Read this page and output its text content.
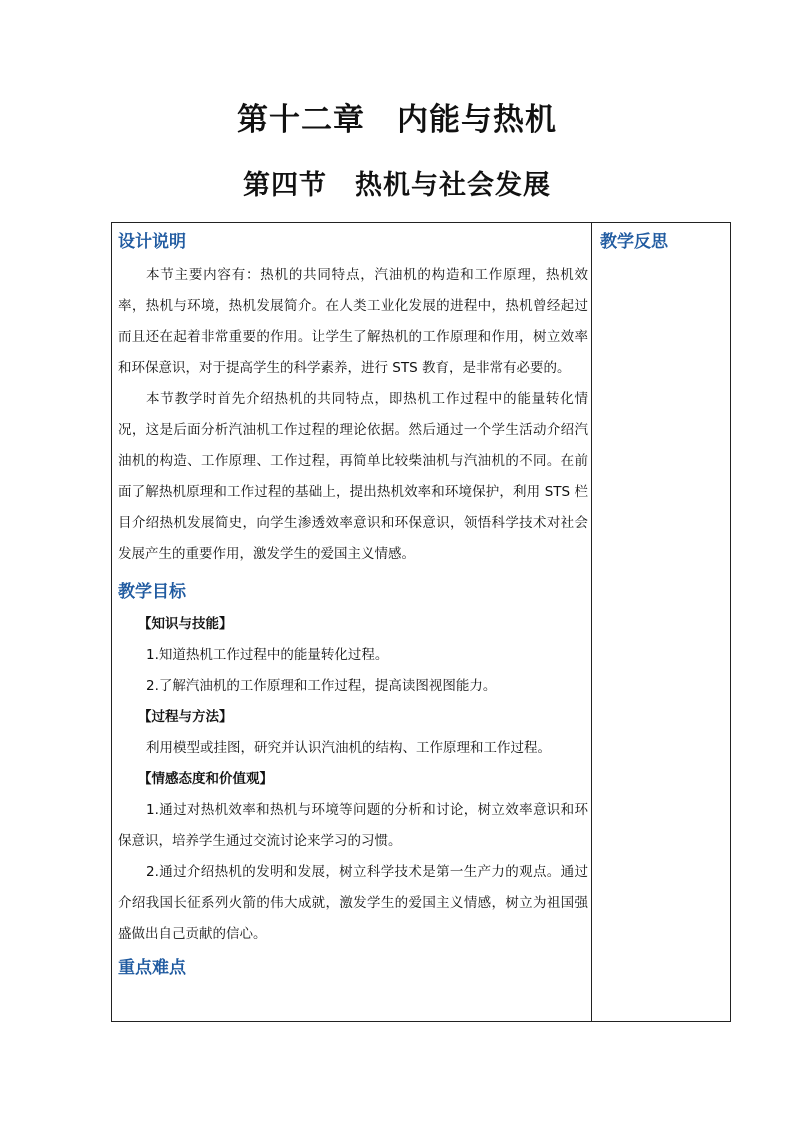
第十二章　内能与热机
第四节　热机与社会发展

设计说明

本节主要内容有：热机的共同特点，汽油机的构造和工作原理，热机效率，热机与环境，热机发展简介。在人类工业化发展的进程中，热机曾经起过而且还在起着非常重要的作用。让学生了解热机的工作原理和作用，树立效率和环保意识，对于提高学生的科学素养，进行 STS 教育，是非常有必要的。

本节教学时首先介绍热机的共同特点，即热机工作过程中的能量转化情况，这是后面分析汽油机工作过程的理论依据。然后通过一个学生活动介绍汽油机的构造、工作原理、工作过程，再简单比较柴油机与汽油机的不同。在前面了解热机原理和工作过程的基础上，提出热机效率和环境保护，利用 STS 栏目介绍热机发展简史，向学生渗透效率意识和环保意识，领悟科学技术对社会发展产生的重要作用，激发学生的爱国主义情感。

教学目标

【知识与技能】

1.知道热机工作过程中的能量转化过程。

2.了解汽油机的工作原理和工作过程，提高读图视图能力。

【过程与方法】

利用模型或挂图，研究并认识汽油机的结构、工作原理和工作过程。

【情感态度和价值观】

1.通过对热机效率和热机与环境等问题的分析和讨论，树立效率意识和环保意识，培养学生通过交流讨论来学习的习惯。

2.通过介绍热机的发明和发展，树立科学技术是第一生产力的观点。通过介绍我国长征系列火箭的伟大成就，激发学生的爱国主义情感，树立为祖国强盛做出自己贡献的信心。

重点难点

教学反思
